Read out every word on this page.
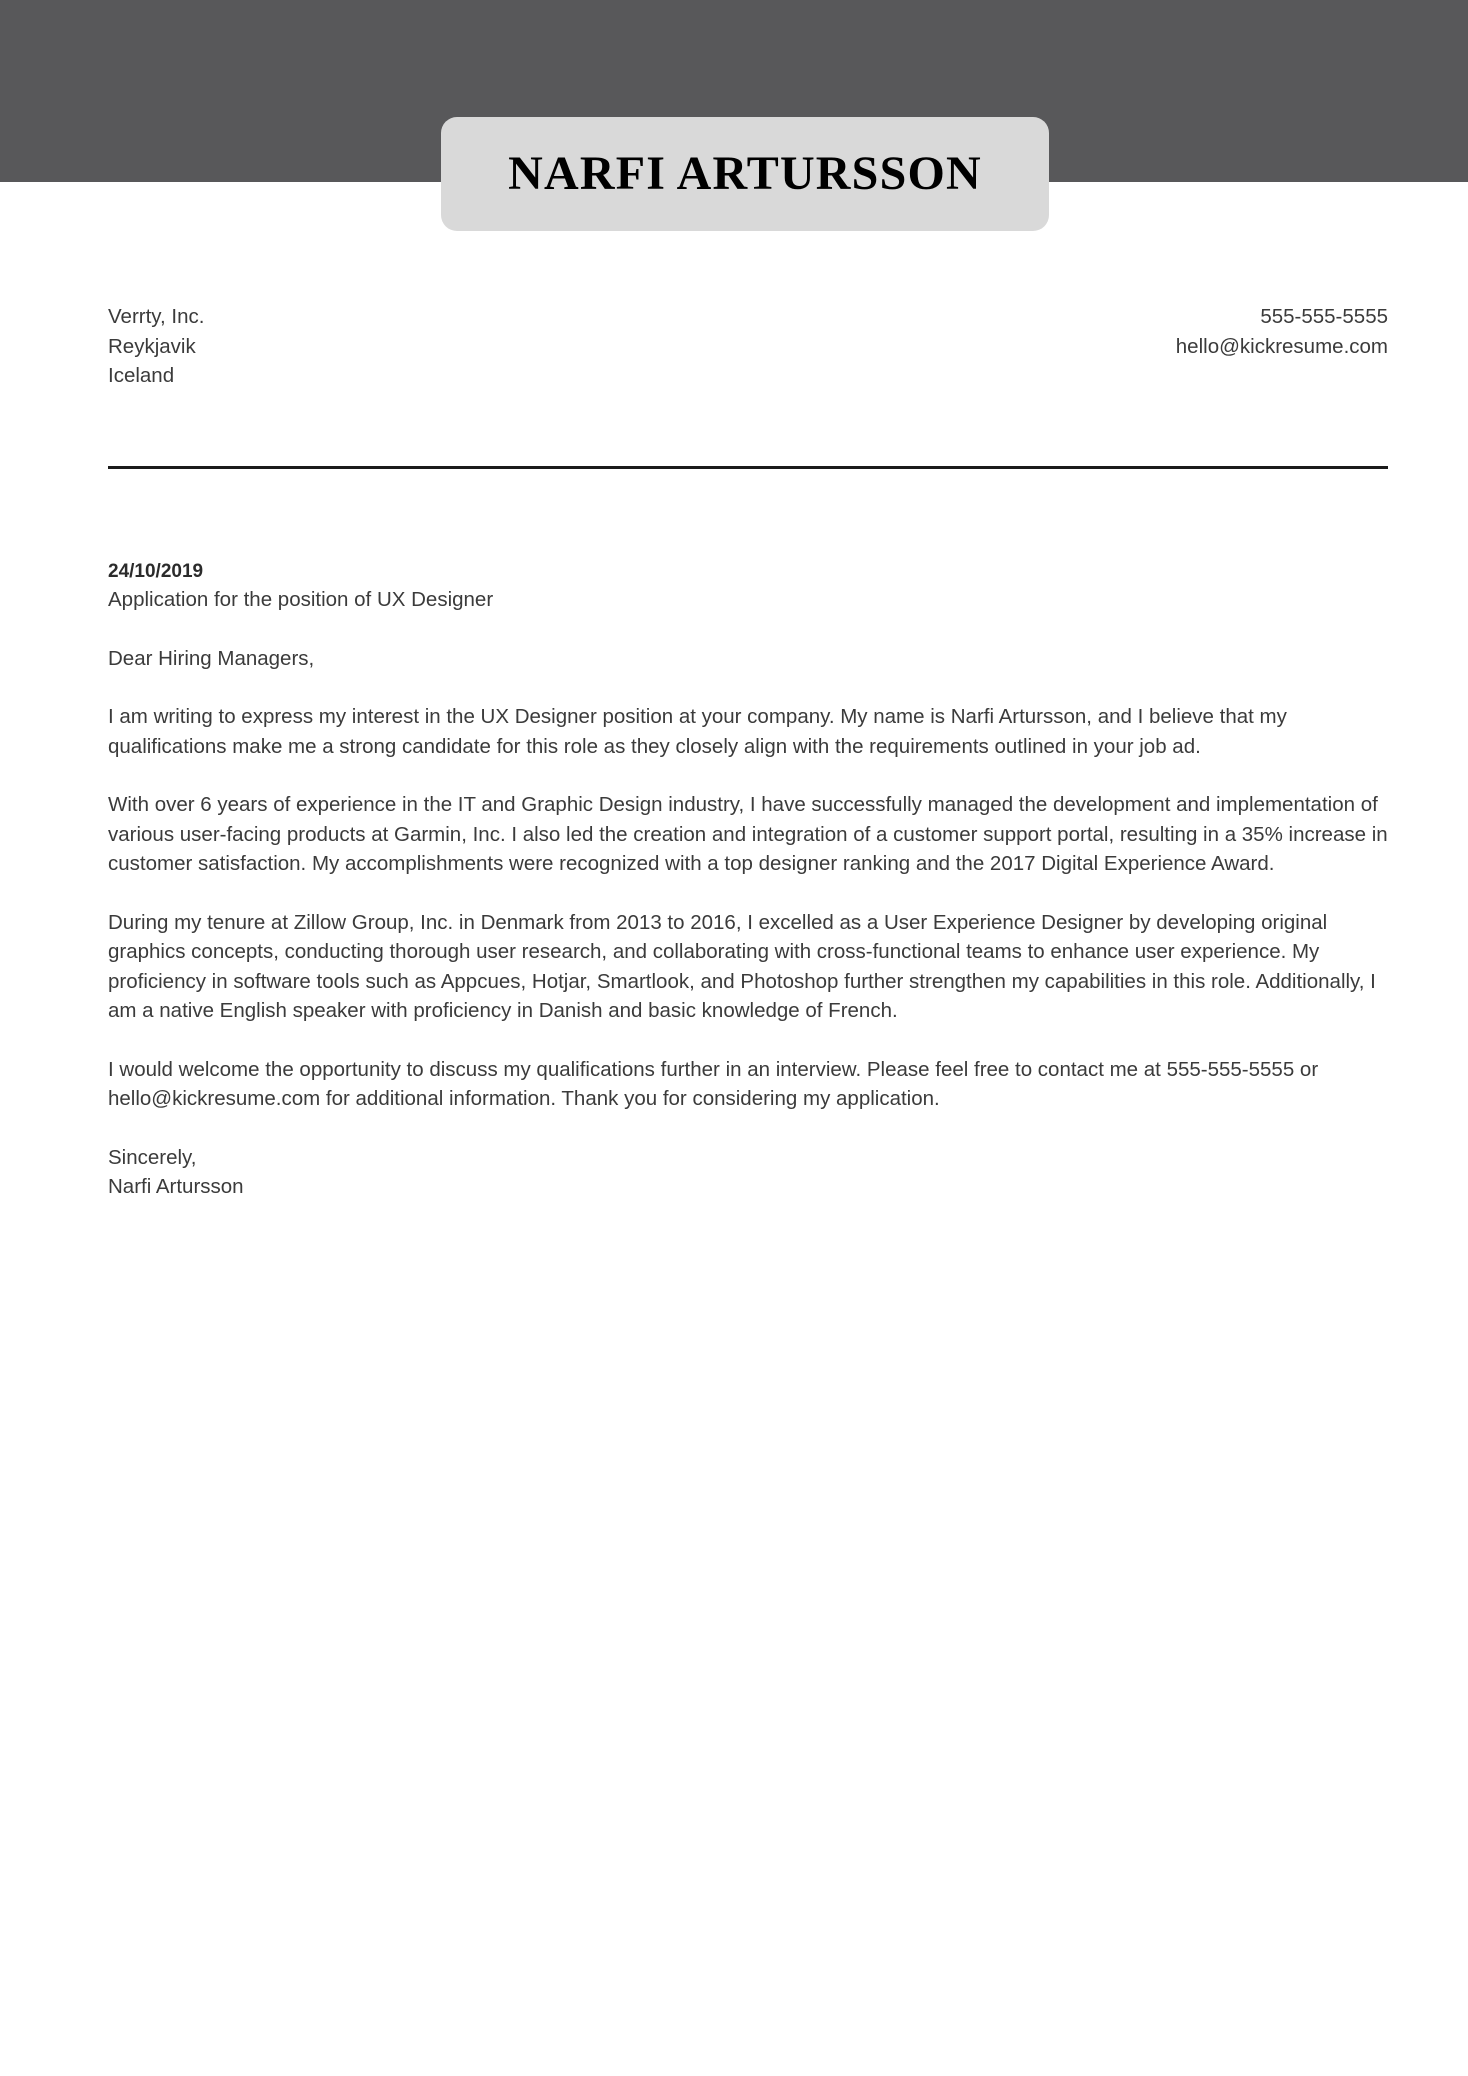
NARFI ARTURSSON
Verrty, Inc.
Reykjavik
Iceland
555-555-5555
hello@kickresume.com
24/10/2019
Application for the position of UX Designer
Dear Hiring Managers,
I am writing to express my interest in the UX Designer position at your company. My name is Narfi Artursson, and I believe that my qualifications make me a strong candidate for this role as they closely align with the requirements outlined in your job ad.
With over 6 years of experience in the IT and Graphic Design industry, I have successfully managed the development and implementation of various user-facing products at Garmin, Inc. I also led the creation and integration of a customer support portal, resulting in a 35% increase in customer satisfaction. My accomplishments were recognized with a top designer ranking and the 2017 Digital Experience Award.
During my tenure at Zillow Group, Inc. in Denmark from 2013 to 2016, I excelled as a User Experience Designer by developing original graphics concepts, conducting thorough user research, and collaborating with cross-functional teams to enhance user experience. My proficiency in software tools such as Appcues, Hotjar, Smartlook, and Photoshop further strengthen my capabilities in this role. Additionally, I am a native English speaker with proficiency in Danish and basic knowledge of French.
I would welcome the opportunity to discuss my qualifications further in an interview. Please feel free to contact me at 555-555-5555 or hello@kickresume.com for additional information. Thank you for considering my application.
Sincerely,
Narfi Artursson
